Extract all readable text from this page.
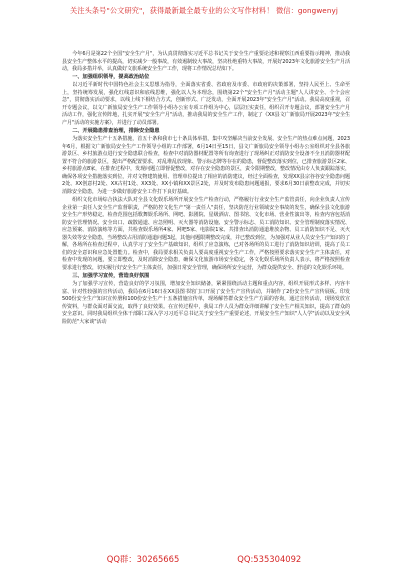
关注头条号"公文研究"，获得最新最全最专业的公文写作材料！ 微信：gongwenyj

今年6月是第22个全国"安全生产月"，为认真贯彻落实习近平总书记关于安全生产重要论述和视察江西重要指示精神，推动我县安全生产整体水平的提高，切实减少一般事故，有效遏制较大事故，坚决杜绝重特大事故，开展好2023年文化旅游安全生产月活动，我局多措并举，认真做好文旅系统安全生产工作，现将工作情况总结如下。

一、加强组织领导，提高政治站位

以习近平新时代中国特色社会主义思想为指导，全面落实省委、省政府及市委、市政府的决策部署，坚持人民至上、生命至上，坚持统筹发展，强化红线意识和底线思维，强化以人为本理念，围绕第22个"安全生产月"活动主题"人人讲安全、个个会应急"，贯彻落实活动要求，以线上线下相结合方式，创新形式、广泛发动，全面开展2023年"安全生产月"活动。我局高度重视，召开专题会议，以文广新旅局安全生产工作领导小组办公室专项工作组为中心，层层压实责任，组织召开专题会议，部署安全生产月活动工作，强化宣传阵地，扎实开展"安全生产月"活动，推动我局的安全生产工作，制定了《XX县文广新旅局开展2023年"安全生产月"活动的实施方案》，并进行了动员部署。

二、开展隐患排查治理，排除安全隐患

为落实安全生产十五条措施，首五十条和我市七十条具体举措，集中攻坚解决当前安全发展、安全生产的热点难点问题，2023年6月，根据文广新旅局安全生产工作领导小组的工作部署，6月14日至15日，县文广新旅局安全领导小组办公室组织对全县各旅游景区、乡村旅游点进行安全隐患联合检查，检查中对消防器材配置等所有询查进行了现场纠正对消防安全设备不全且消防器材配置不符合的旅游景区，提出严格配置要求，对乱堆乱放现象、警示标志牌等存在的隐患，督促整改落实到位，已排查旅游景区2家、乡村旅游点8家，在排查过程中，发现问题立即督促整改，对存在安全隐患的景区，责令限期整改，整改情况由专人负责跟踪落实，确保各项安全措施落实到位，并对文物建筑使用、管理单位提出了相应的消防建议，经过全面检查，发现XX县宗谷谷安全隐患问题2处、XX创意村2处、XX古村1处、XX3处、XX小镇和XX景区2处，并及时发布隐患问题通报，要求6月30日前整改完成，并切实消除安全隐患，为进一步做好旅游安全工作打下良好基础。

组织文化市场综合执法大队对全县文化娱乐场所开展安全生产检查行动，严格履行行业安全生产监管责任，向企业负责人宣传企业第一责任人安全生产监督职责，严格防控文化生产"第一责任人"责任，坚决防范行业领域安全事故的发生，确保全县文化旅游安全生产形势稳定。检查范围包括歌舞娱乐场所、网吧、影剧院、星级酒店、图书馆、文化市场、营业性演出等，检查内容包括消防安全管理情况、安全出口、疏散通道、应急照明、灭火器等消防设施、安全警示标志、员工消防知识、安全管理制度落实情况、应急预案、消防演练等方面，共检查娱乐场所4家、网吧5家、电影院1家、共排查出消防通道堆放杂物、员工消防知识不足、灭火器失效等安全隐患，当场整改占用消防通道问题3起，其他问题限期整改完成，并已整改到位，为加强对从业人员安全生产知识的了解，各场所在检查过程中，认真学习了安全生产基础知识，组织了应急演练，已对各场所的员工进行了消防知识培训，提高了员工们的安全意识和应急处置能力。检查中，我局要求相关负责人要高度重视安全生产工作，严格按照要求落实安全生产主体责任，对检查中发现的问题，要立即整改，及时消除安全隐患，确保文化旅游市场安全稳定，各文化娱乐场所负责人表示，将严格按照检查要求进行整改，切实履行好安全生产主体责任，加强日常安全管理，确保场所安全运营，为群众提供安全、舒适的文化娱乐环境。

三、加强学习宣传，营造良好氛围

为了加强学习宣传，营造良好的学习氛围，增加安全知识储备，紧紧围绕活动主题和重点内容，组织开展形式多样、内容丰富、针对性较强的宣传活动，我局在6月16日在XX县图书馆门口开展了安全生产宣传活动，并制作了2份安全生产宣传展板。印发500份安全生产知识宣传册和100份安全生产十五条措施宣传单，现场解答群众安全生产方面的咨询，通过宣传活动，现场发放宣传资料，与群众面对面交流，取得了良好效果。在宣传过程中，我局工作人员为群众详细讲解了安全生产相关知识，提高了群众的安全意识。同时我局组织全体干部职工深入学习习近平总书记关于安全生产重要论述，开展安全生产知识"人人学"活动以及安全风险防范"大家谈"活动

QQ群：30265665	QQ:535304092
